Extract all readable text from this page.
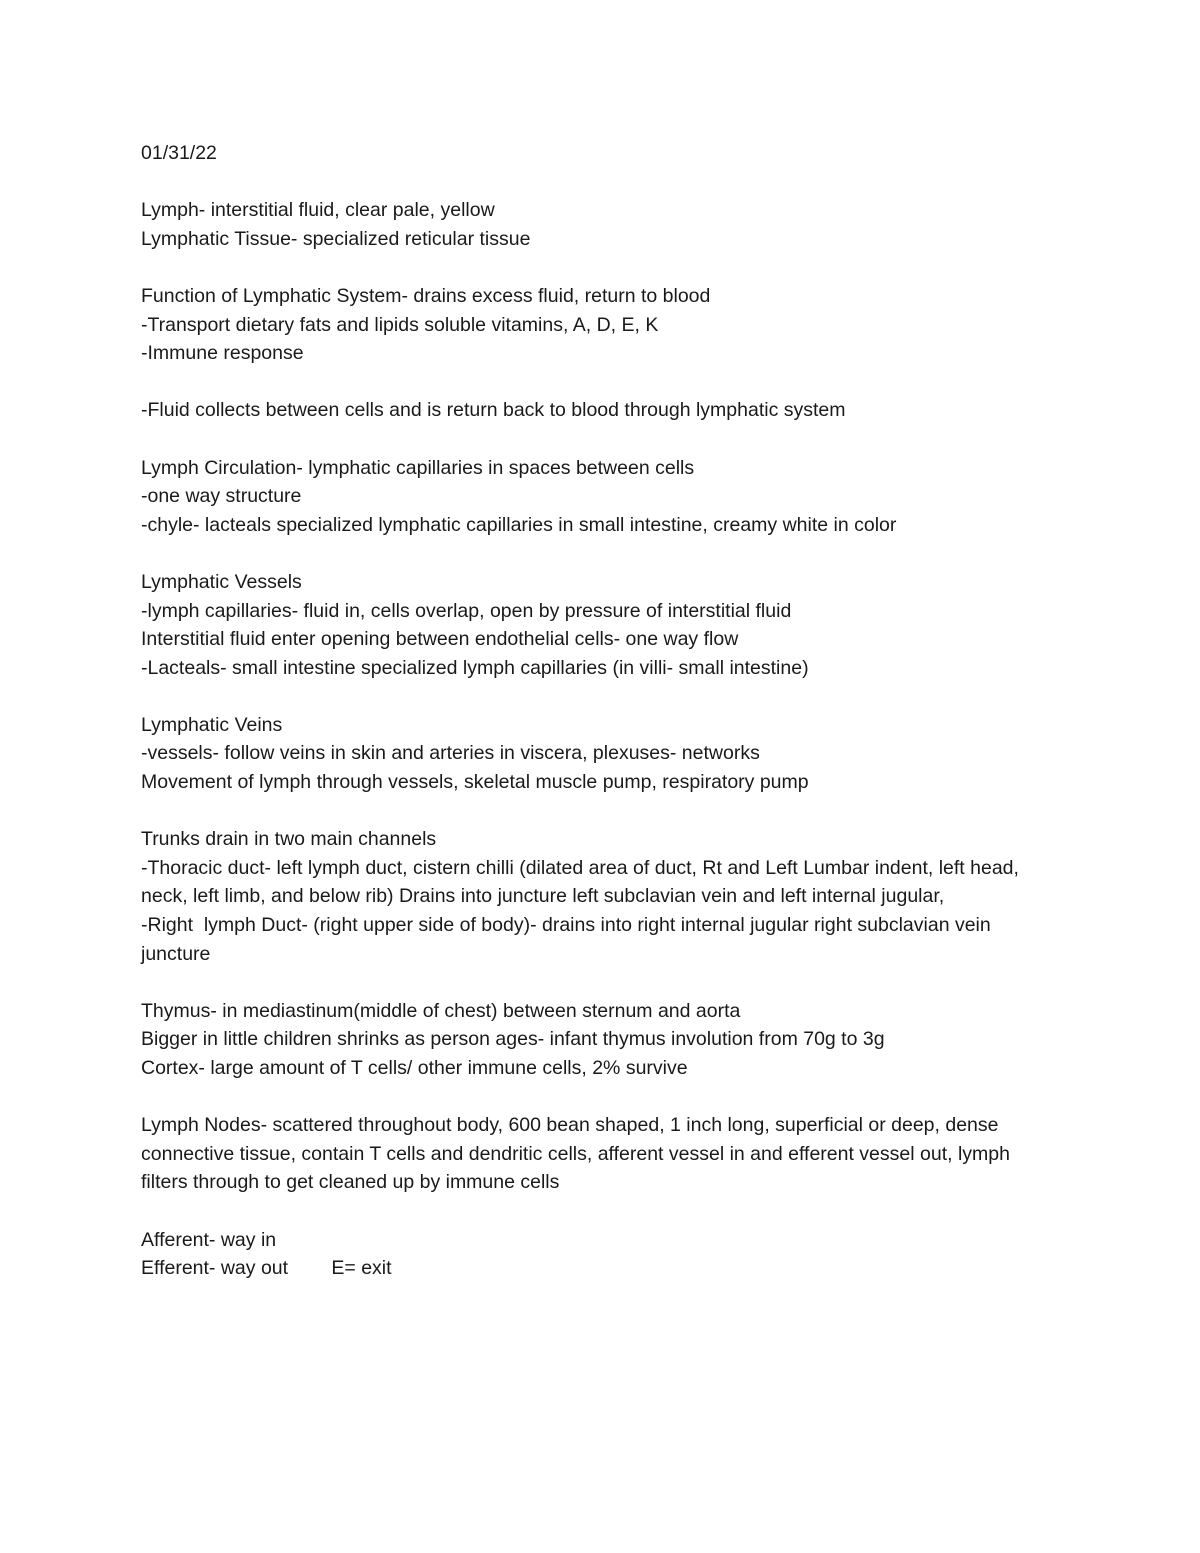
01/31/22
Lymph- interstitial fluid, clear pale, yellow
Lymphatic Tissue- specialized reticular tissue
Function of Lymphatic System- drains excess fluid, return to blood
-Transport dietary fats and lipids soluble vitamins, A, D, E, K
-Immune response
-Fluid collects between cells and is return back to blood through lymphatic system
Lymph Circulation- lymphatic capillaries in spaces between cells
-one way structure
-chyle- lacteals specialized lymphatic capillaries in small intestine, creamy white in color
Lymphatic Vessels
-lymph capillaries- fluid in, cells overlap, open by pressure of interstitial fluid
Interstitial fluid enter opening between endothelial cells- one way flow
-Lacteals- small intestine specialized lymph capillaries (in villi- small intestine)
Lymphatic Veins
-vessels- follow veins in skin and arteries in viscera, plexuses- networks
Movement of lymph through vessels, skeletal muscle pump, respiratory pump
Trunks drain in two main channels
-Thoracic duct- left lymph duct, cistern chilli (dilated area of duct, Rt and Left Lumbar indent, left head, neck, left limb, and below rib) Drains into juncture left subclavian vein and left internal jugular,
-Right  lymph Duct- (right upper side of body)- drains into right internal jugular right subclavian vein juncture
Thymus- in mediastinum(middle of chest) between sternum and aorta
Bigger in little children shrinks as person ages- infant thymus involution from 70g to 3g
Cortex- large amount of T cells/ other immune cells, 2% survive
Lymph Nodes- scattered throughout body, 600 bean shaped, 1 inch long, superficial or deep, dense connective tissue, contain T cells and dendritic cells, afferent vessel in and efferent vessel out, lymph filters through to get cleaned up by immune cells
Afferent- way in
Efferent- way out        E= exit
